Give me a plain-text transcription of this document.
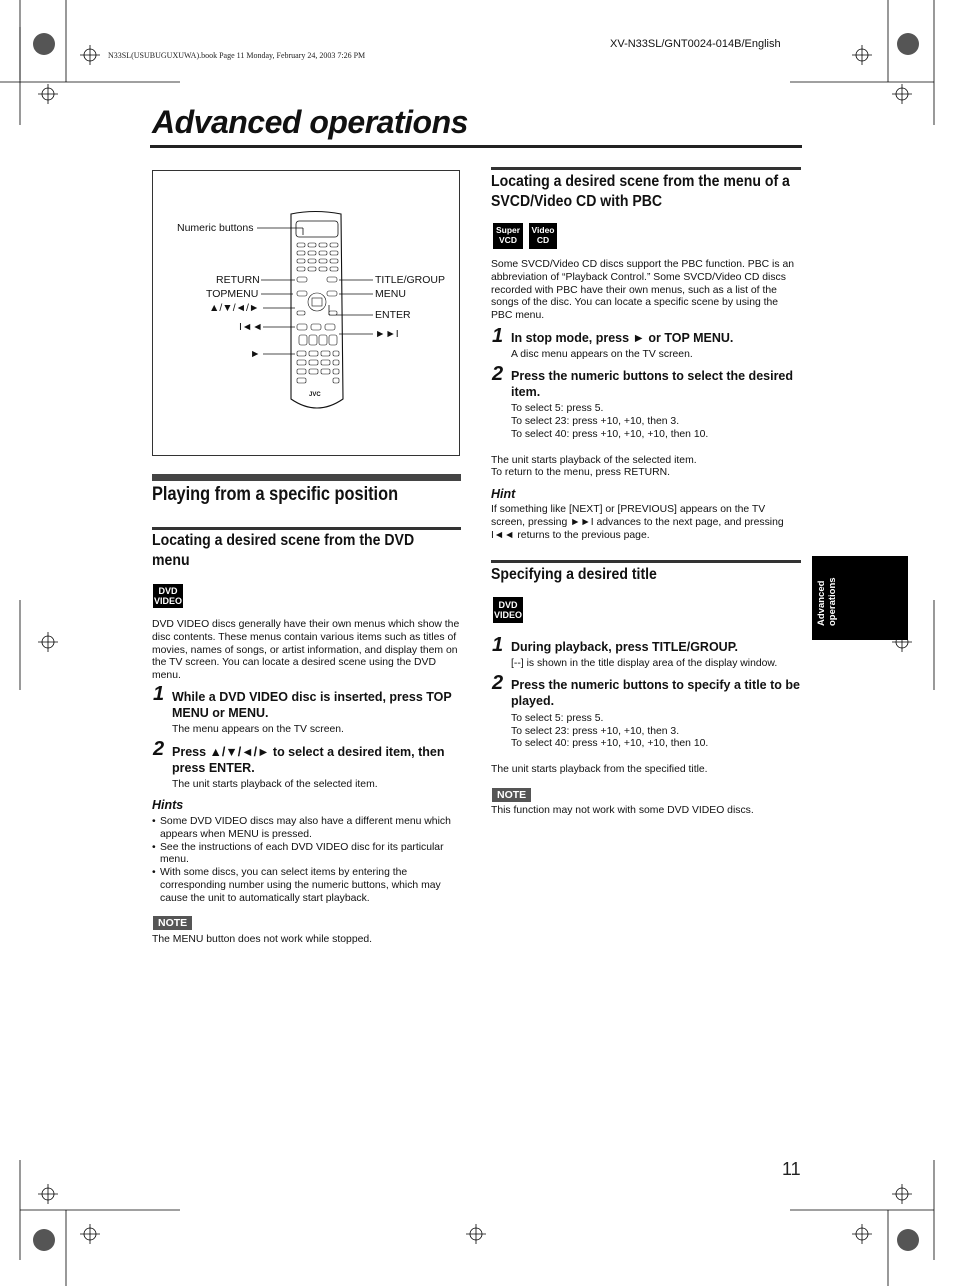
N33SL(USUBUGUXUWA).book Page 11 Monday, February 24, 2003 7:26 PM
XV-N33SL/GNT0024-014B/English
Advanced operations
Numeric buttons
RETURN
TOPMENU
▲/▼/◄/►
I◄◄
►
TITLE/GROUP
MENU
ENTER
►►I
JVC
Playing from a specific position
Locating a desired scene from the DVD menu
DVD
VIDEO
DVD VIDEO discs generally have their own menus which show the disc contents. These menus contain various items such as titles of movies, names of songs, or artist information, and display them on the TV screen. You can locate a desired scene using the DVD menu.
1 While a DVD VIDEO disc is inserted, press TOP MENU or MENU.
The menu appears on the TV screen.
2 Press ▲/▼/◄/► to select a desired item, then press ENTER.
The unit starts playback of the selected item.
Hints
• Some DVD VIDEO discs may also have a different menu which appears when MENU is pressed.
• See the instructions of each DVD VIDEO disc for its particular menu.
• With some discs, you can select items by entering the corresponding number using the numeric buttons, which may cause the unit to automatically start playback.
NOTE
The MENU button does not work while stopped.
Locating a desired scene from the menu of a SVCD/Video CD with PBC
Super
VCD
Video
CD
Some SVCD/Video CD discs support the PBC function. PBC is an abbreviation of “Playback Control.” Some SVCD/Video CD discs recorded with PBC have their own menus, such as a list of the songs of the disc. You can locate a specific scene by using the PBC menu.
1 In stop mode, press ► or TOP MENU.
A disc menu appears on the TV screen.
2 Press the numeric buttons to select the desired item.
To select 5: press 5.
To select 23: press +10, +10, then 3.
To select 40: press +10, +10, +10, then 10.
The unit starts playback of the selected item.
To return to the menu, press RETURN.
Hint
If something like [NEXT] or [PREVIOUS] appears on the TV screen, pressing ►►I advances to the next page, and pressing I◄◄ returns to the previous page.
Specifying a desired title
DVD
VIDEO
1 During playback, press TITLE/GROUP.
[--] is shown in the title display area of the display window.
2 Press the numeric buttons to specify a title to be played.
To select 5: press 5.
To select 23: press +10, +10, then 3.
To select 40: press +10, +10, +10, then 10.
The unit starts playback from the specified title.
NOTE
This function may not work with some DVD VIDEO discs.
Advanced operations
11
